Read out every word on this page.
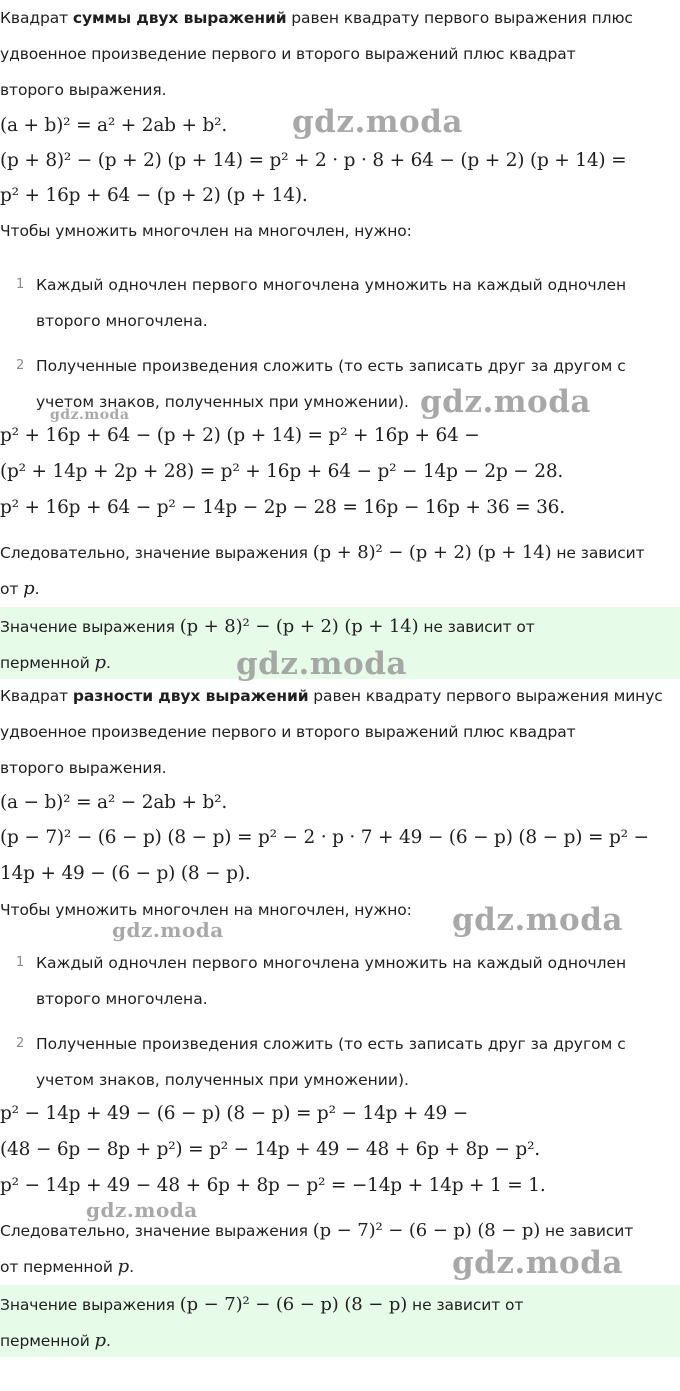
Квадрат суммы двух выражений равен квадрату первого выражения плюс
удвоенное произведение первого и второго выражений плюс квадрат
второго выражения.
(a + b)² = a² + 2ab + b².
(p + 8)² − (p + 2) (p + 14) = p² + 2 · p · 8 + 64 − (p + 2) (p + 14) =
p² + 16p + 64 − (p + 2) (p + 14).
Чтобы умножить многочлен на многочлен, нужно:
1 Каждый одночлен первого многочлена умножить на каждый одночлен
второго многочлена.
2 Полученные произведения сложить (то есть записать друг за другом с
учетом знаков, полученных при умножении).
p² + 16p + 64 − (p + 2) (p + 14) = p² + 16p + 64 −
(p² + 14p + 2p + 28) = p² + 16p + 64 − p² − 14p − 2p − 28.
p² + 16p + 64 − p² − 14p − 2p − 28 = 16p − 16p + 36 = 36.
Следовательно, значение выражения (p + 8)² − (p + 2) (p + 14) не зависит
от p.
Значение выражения (p + 8)² − (p + 2) (p + 14) не зависит от
перменной p.
Квадрат разности двух выражений равен квадрату первого выражения минус
удвоенное произведение первого и второго выражений плюс квадрат
второго выражения.
(a − b)² = a² − 2ab + b².
(p − 7)² − (6 − p) (8 − p) = p² − 2 · p · 7 + 49 − (6 − p) (8 − p) = p² −
14p + 49 − (6 − p) (8 − p).
Чтобы умножить многочлен на многочлен, нужно:
1 Каждый одночлен первого многочлена умножить на каждый одночлен
второго многочлена.
2 Полученные произведения сложить (то есть записать друг за другом с
учетом знаков, полученных при умножении).
p² − 14p + 49 − (6 − p) (8 − p) = p² − 14p + 49 −
(48 − 6p − 8p + p²) = p² − 14p + 49 − 48 + 6p + 8p − p².
p² − 14p + 49 − 48 + 6p + 8p − p² = −14p + 14p + 1 = 1.
Следовательно, значение выражения (p − 7)² − (6 − p) (8 − p) не зависит
от перменной p.
Значение выражения (p − 7)² − (6 − p) (8 − p) не зависит от
перменной p.
gdz.moda
gdz.moda
gdz.moda
gdz.moda
gdz.moda
gdz.moda
gdz.moda
gdz.moda
